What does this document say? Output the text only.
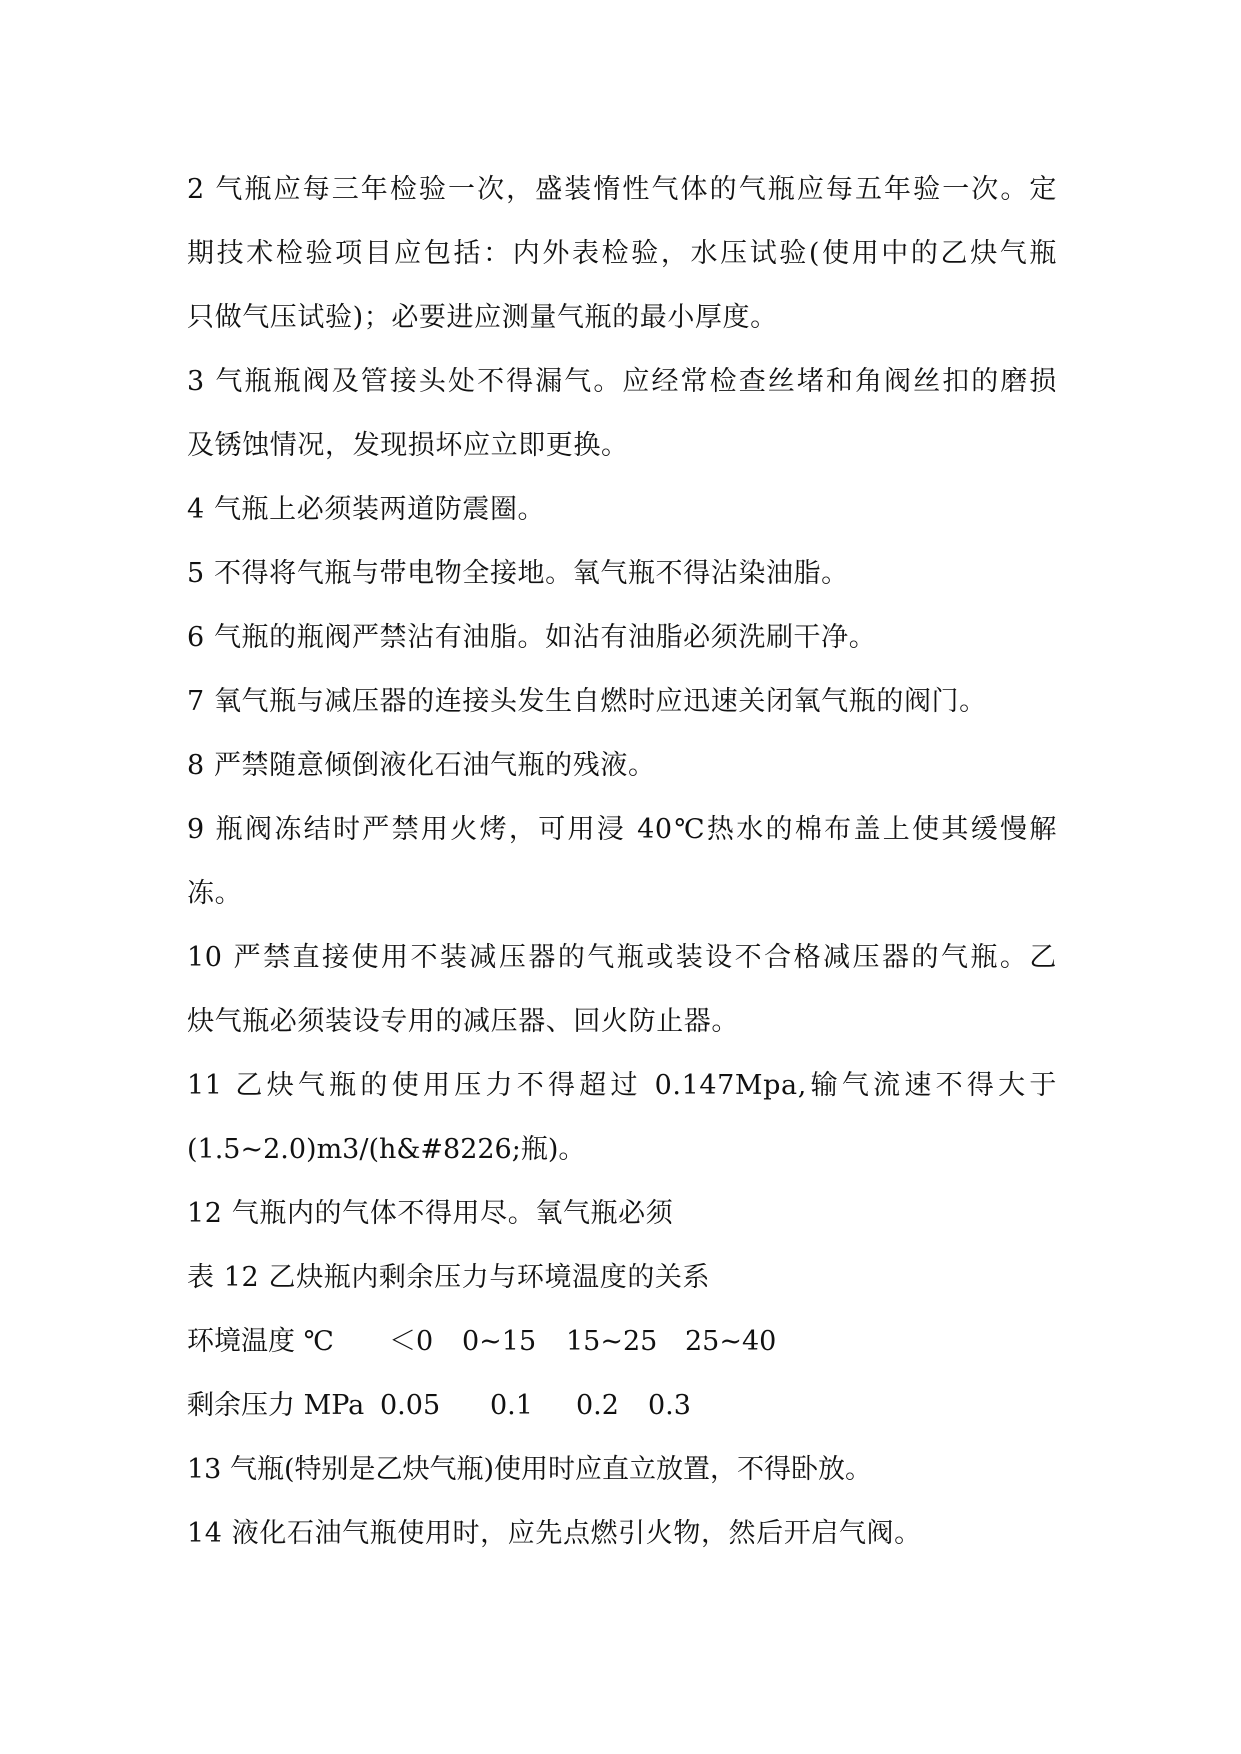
2 气瓶应每三年检验一次，盛装惰性气体的气瓶应每五年验一次。定
期技术检验项目应包括：内外表检验，水压试验(使用中的乙炔气瓶
只做气压试验)；必要进应测量气瓶的最小厚度。
3 气瓶瓶阀及管接头处不得漏气。应经常检查丝堵和角阀丝扣的磨损
及锈蚀情况，发现损坏应立即更换。
4 气瓶上必须装两道防震圈。
5 不得将气瓶与带电物全接地。氧气瓶不得沾染油脂。
6 气瓶的瓶阀严禁沾有油脂。如沾有油脂必须洗刷干净。
7 氧气瓶与减压器的连接头发生自燃时应迅速关闭氧气瓶的阀门。
8 严禁随意倾倒液化石油气瓶的残液。
9 瓶阀冻结时严禁用火烤，可用浸 40℃热水的棉布盖上使其缓慢解
冻。
10 严禁直接使用不装减压器的气瓶或装设不合格减压器的气瓶。乙
炔气瓶必须装设专用的减压器、回火防止器。
11 乙炔气瓶的使用压力不得超过 0.147Mpa,输气流速不得大于
(1.5~2.0)m3/(h&#8226;瓶)。
12 气瓶内的气体不得用尽。氧气瓶必须
表 12 乙炔瓶内剩余压力与环境温度的关系
环境温度 ℃ ＜0 0~15 15~25 25~40
剩余压力 MPa 0.05 0.1 0.2 0.3
13 气瓶(特别是乙炔气瓶)使用时应直立放置，不得卧放。
14 液化石油气瓶使用时，应先点燃引火物，然后开启气阀。
